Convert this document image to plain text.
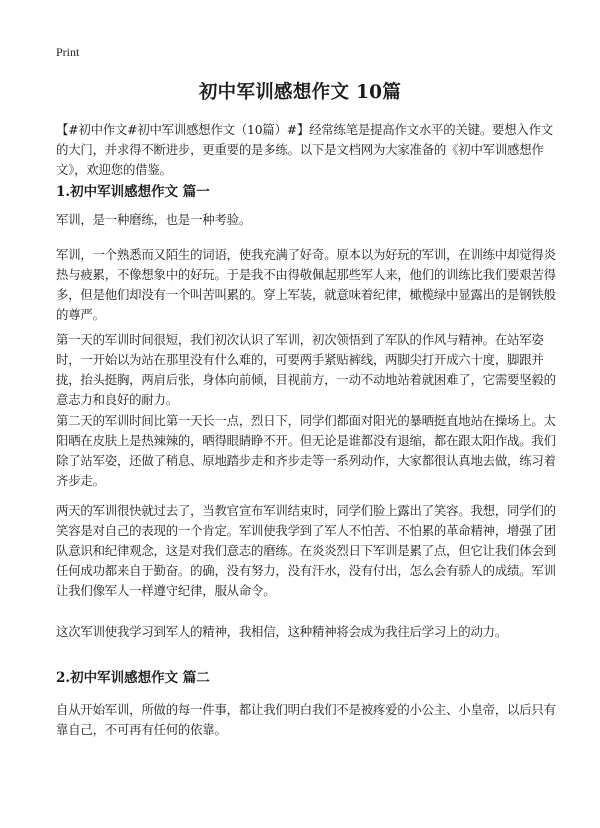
Print
初中军训感想作文 10篇

【#初中作文#初中军训感想作文（10篇）#】经常练笔是提高作文水平的关键。要想入作文的大门，并求得不断进步，更重要的是多练。以下是文档网为大家准备的《初中军训感想作文》，欢迎您的借鉴。

1.初中军训感想作文 篇一

军训，是一种磨练，也是一种考验。

军训，一个熟悉而又陌生的词语，使我充满了好奇。原本以为好玩的军训，在训练中却觉得炎热与疲累，不像想象中的好玩。于是我不由得敬佩起那些军人来，他们的训练比我们要艰苦得多，但是他们却没有一个叫苦叫累的。穿上军装，就意味着纪律，橄榄绿中显露出的是钢铁般的尊严。

第一天的军训时间很短，我们初次认识了军训，初次领悟到了军队的作风与精神。在站军姿时，一开始以为站在那里没有什么难的，可要两手紧贴裤线，两脚尖打开成六十度，脚跟并拢，抬头挺胸，两肩后张，身体向前倾，目视前方，一动不动地站着就困难了，它需要坚毅的意志力和良好的耐力。

第二天的军训时间比第一天长一点，烈日下，同学们都面对阳光的暴晒挺直地站在操场上。太阳晒在皮肤上是热辣辣的，晒得眼睛睁不开。但无论是谁都没有退缩，都在跟太阳作战。我们除了站军姿，还做了稍息、原地踏步走和齐步走等一系列动作，大家都很认真地去做，练习着齐步走。

两天的军训很快就过去了，当教官宣布军训结束时，同学们脸上露出了笑容。我想，同学们的笑容是对自己的表现的一个肯定。军训使我学到了军人不怕苦、不怕累的革命精神，增强了团队意识和纪律观念，这是对我们意志的磨练。在炎炎烈日下军训是累了点，但它让我们体会到任何成功都来自于勤奋。的确，没有努力，没有汗水，没有付出，怎么会有骄人的成绩。军训让我们像军人一样遵守纪律，服从命令。

这次军训使我学习到军人的精神，我相信，这种精神将会成为我往后学习上的动力。

2.初中军训感想作文 篇二

自从开始军训，所做的每一件事，都让我们明白我们不是被疼爱的小公主、小皇帝，以后只有靠自己，不可再有任何的依靠。
